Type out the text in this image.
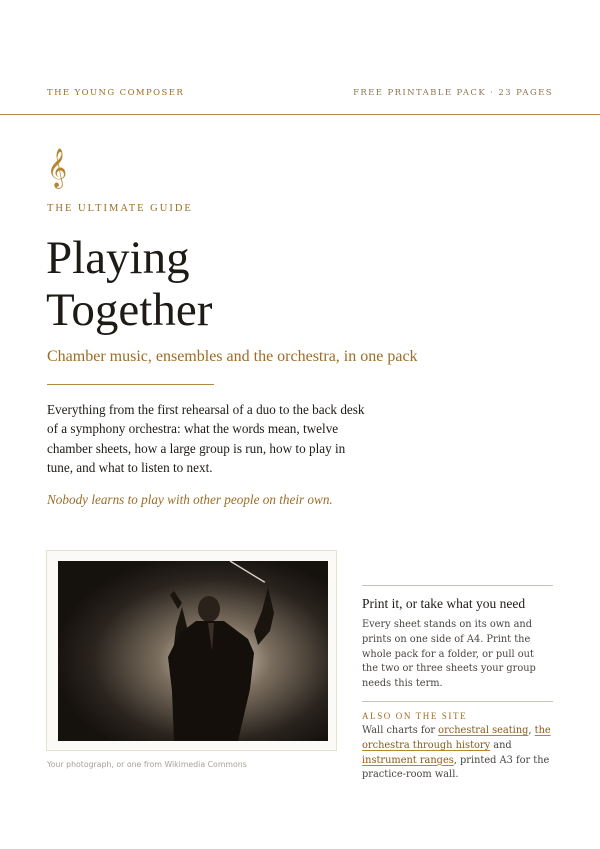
THE YOUNG COMPOSER	FREE PRINTABLE PACK · 23 PAGES
𝄞
THE ULTIMATE GUIDE
Playing
Together
Chamber music, ensembles and the orchestra, in one pack
Everything from the first rehearsal of a duo to the back desk of a symphony orchestra: what the words mean, twelve chamber sheets, how a large group is run, how to play in tune, and what to listen to next.
Nobody learns to play with other people on their own.
Your photograph, or one from Wikimedia Commons
Print it, or take what you need
Every sheet stands on its own and prints on one side of A4. Print the whole pack for a folder, or pull out the two or three sheets your group needs this term.
ALSO ON THE SITE
Wall charts for orchestral seating, the orchestra through history and instrument ranges, printed A3 for the practice-room wall.
